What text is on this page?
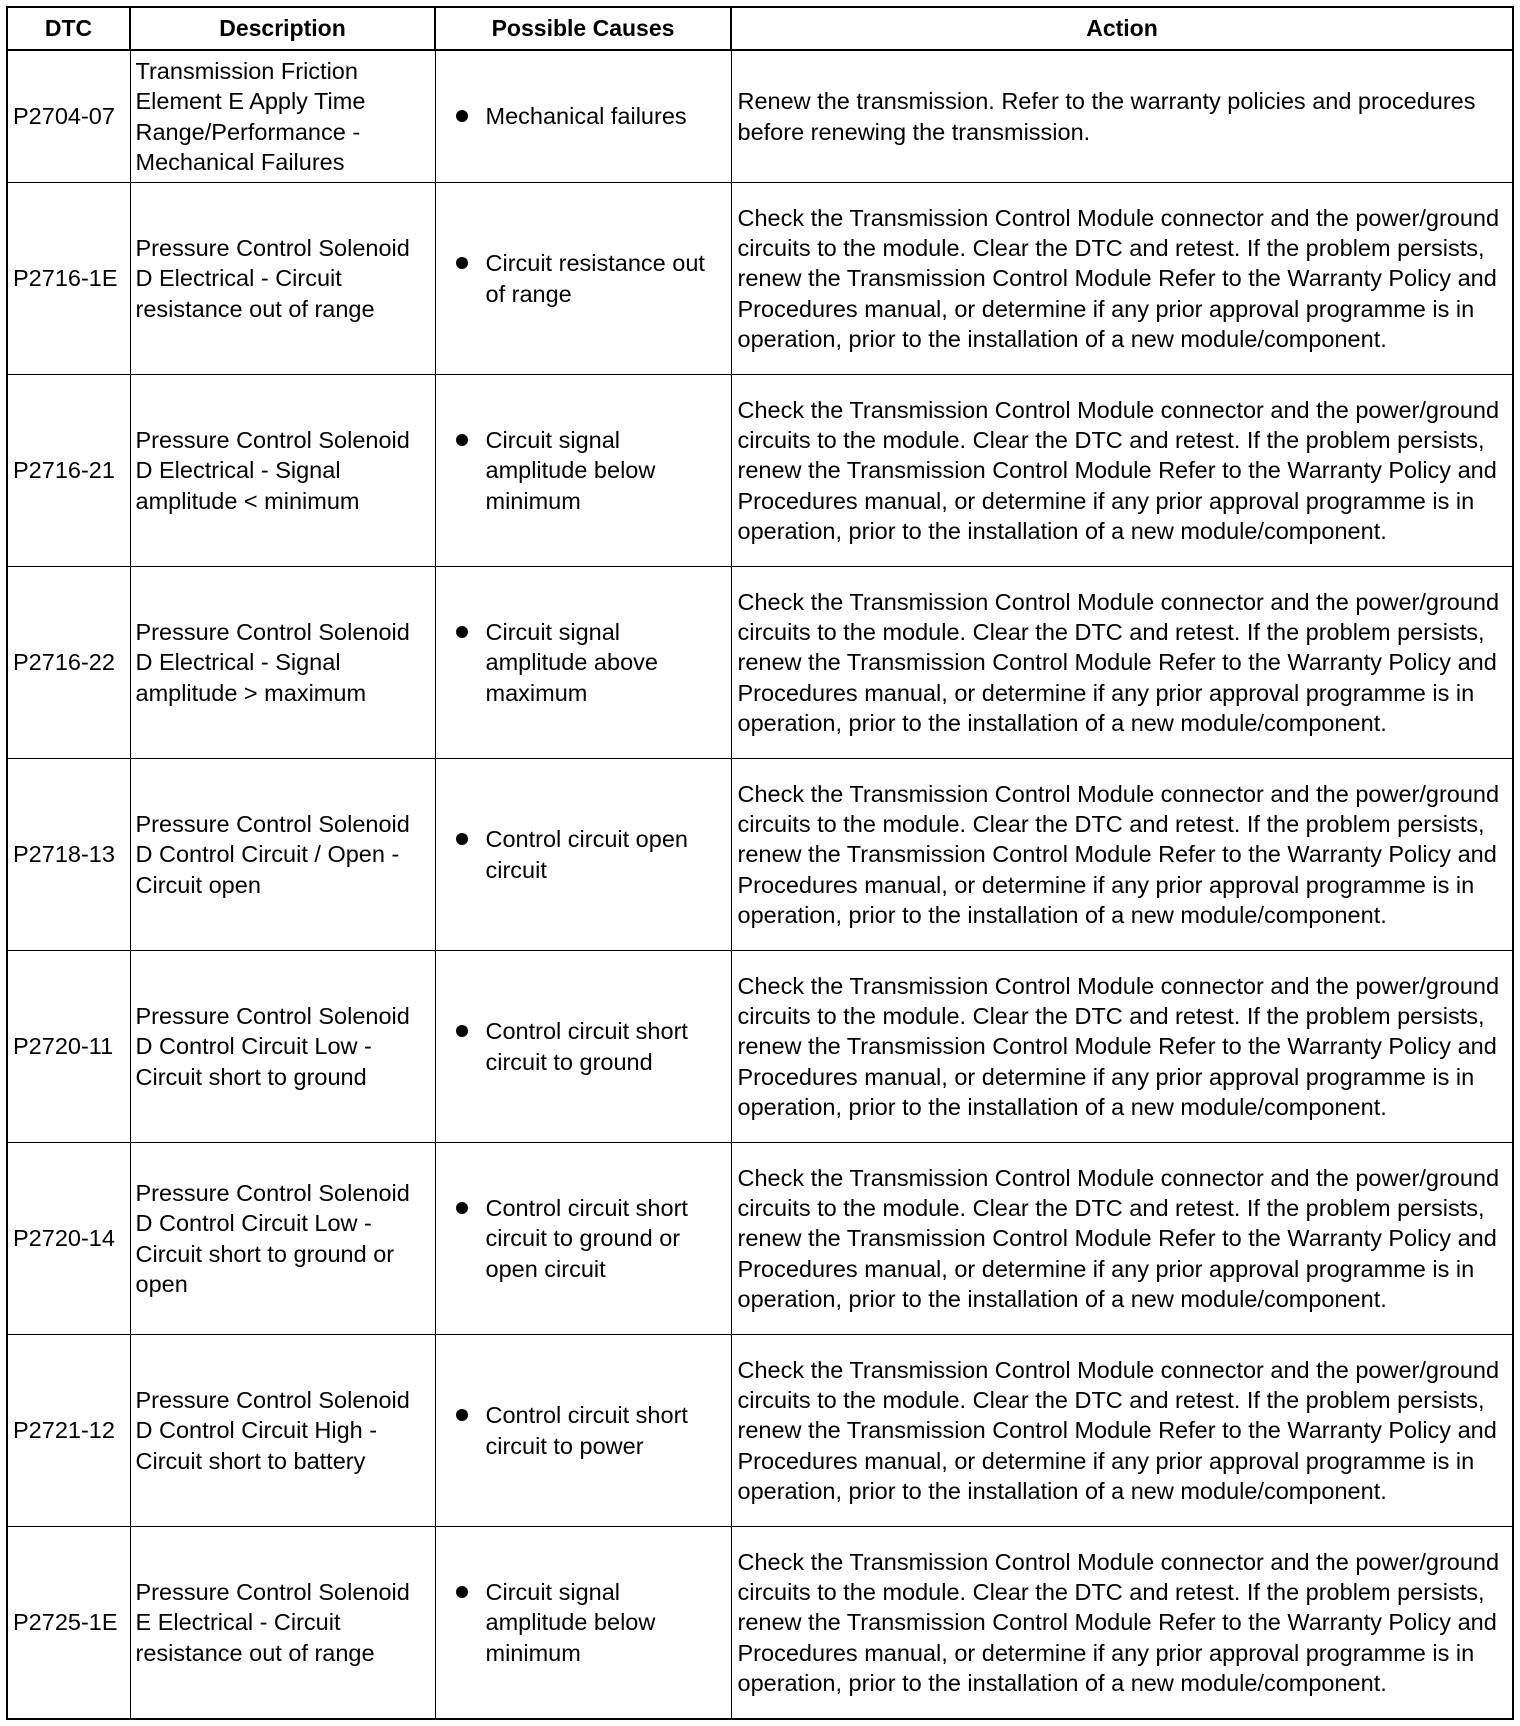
DTC	Description	Possible Causes	Action
P2704-07	Transmission Friction Element E Apply Time Range/Performance - Mechanical Failures	Mechanical failures	Renew the transmission. Refer to the warranty policies and procedures before renewing the transmission.
P2716-1E	Pressure Control Solenoid D Electrical - Circuit resistance out of range	Circuit resistance out of range	Check the Transmission Control Module connector and the power/ground circuits to the module. Clear the DTC and retest. If the problem persists, renew the Transmission Control Module Refer to the Warranty Policy and Procedures manual, or determine if any prior approval programme is in operation, prior to the installation of a new module/component.
P2716-21	Pressure Control Solenoid D Electrical - Signal amplitude < minimum	Circuit signal amplitude below minimum	Check the Transmission Control Module connector and the power/ground circuits to the module. Clear the DTC and retest. If the problem persists, renew the Transmission Control Module Refer to the Warranty Policy and Procedures manual, or determine if any prior approval programme is in operation, prior to the installation of a new module/component.
P2716-22	Pressure Control Solenoid D Electrical - Signal amplitude > maximum	Circuit signal amplitude above maximum	Check the Transmission Control Module connector and the power/ground circuits to the module. Clear the DTC and retest. If the problem persists, renew the Transmission Control Module Refer to the Warranty Policy and Procedures manual, or determine if any prior approval programme is in operation, prior to the installation of a new module/component.
P2718-13	Pressure Control Solenoid D Control Circuit / Open - Circuit open	Control circuit open circuit	Check the Transmission Control Module connector and the power/ground circuits to the module. Clear the DTC and retest. If the problem persists, renew the Transmission Control Module Refer to the Warranty Policy and Procedures manual, or determine if any prior approval programme is in operation, prior to the installation of a new module/component.
P2720-11	Pressure Control Solenoid D Control Circuit Low - Circuit short to ground	Control circuit short circuit to ground	Check the Transmission Control Module connector and the power/ground circuits to the module. Clear the DTC and retest. If the problem persists, renew the Transmission Control Module Refer to the Warranty Policy and Procedures manual, or determine if any prior approval programme is in operation, prior to the installation of a new module/component.
P2720-14	Pressure Control Solenoid D Control Circuit Low - Circuit short to ground or open	Control circuit short circuit to ground or open circuit	Check the Transmission Control Module connector and the power/ground circuits to the module. Clear the DTC and retest. If the problem persists, renew the Transmission Control Module Refer to the Warranty Policy and Procedures manual, or determine if any prior approval programme is in operation, prior to the installation of a new module/component.
P2721-12	Pressure Control Solenoid D Control Circuit High - Circuit short to battery	Control circuit short circuit to power	Check the Transmission Control Module connector and the power/ground circuits to the module. Clear the DTC and retest. If the problem persists, renew the Transmission Control Module Refer to the Warranty Policy and Procedures manual, or determine if any prior approval programme is in operation, prior to the installation of a new module/component.
P2725-1E	Pressure Control Solenoid E Electrical - Circuit resistance out of range	Circuit signal amplitude below minimum	Check the Transmission Control Module connector and the power/ground circuits to the module. Clear the DTC and retest. If the problem persists, renew the Transmission Control Module Refer to the Warranty Policy and Procedures manual, or determine if any prior approval programme is in operation, prior to the installation of a new module/component.
